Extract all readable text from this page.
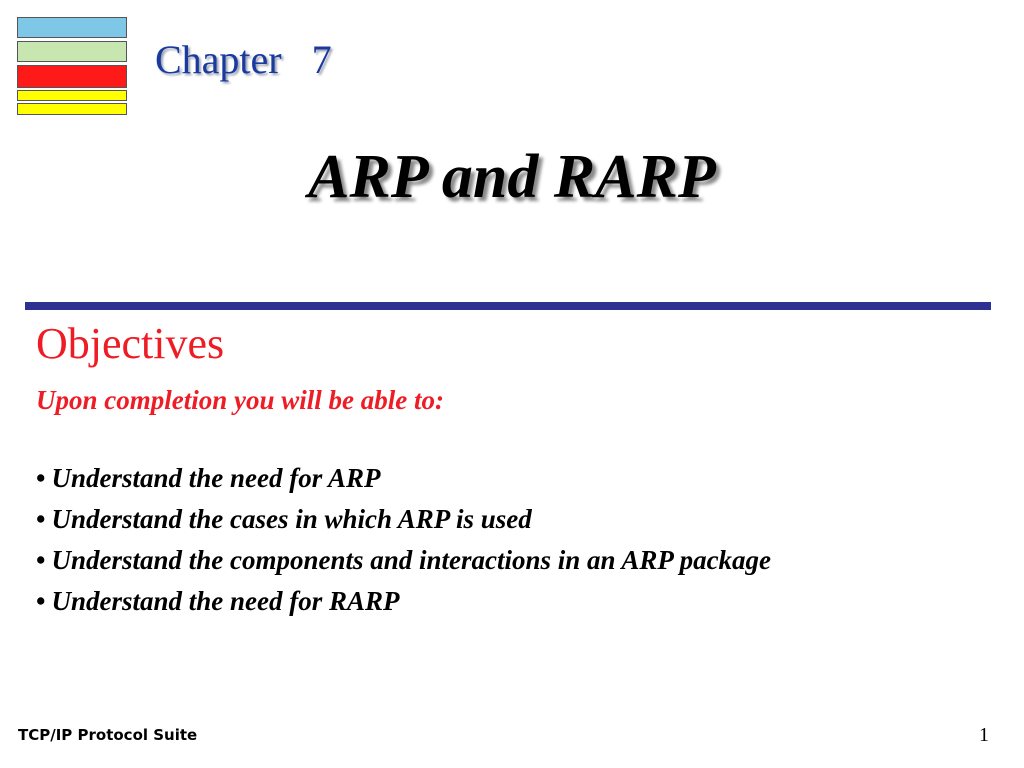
Chapter   7
ARP and RARP
Objectives
Upon completion you will be able to:
• Understand the need for ARP
• Understand the cases in which ARP is used
• Understand the components and interactions in an ARP package
• Understand the need for RARP
TCP/IP Protocol Suite	1
